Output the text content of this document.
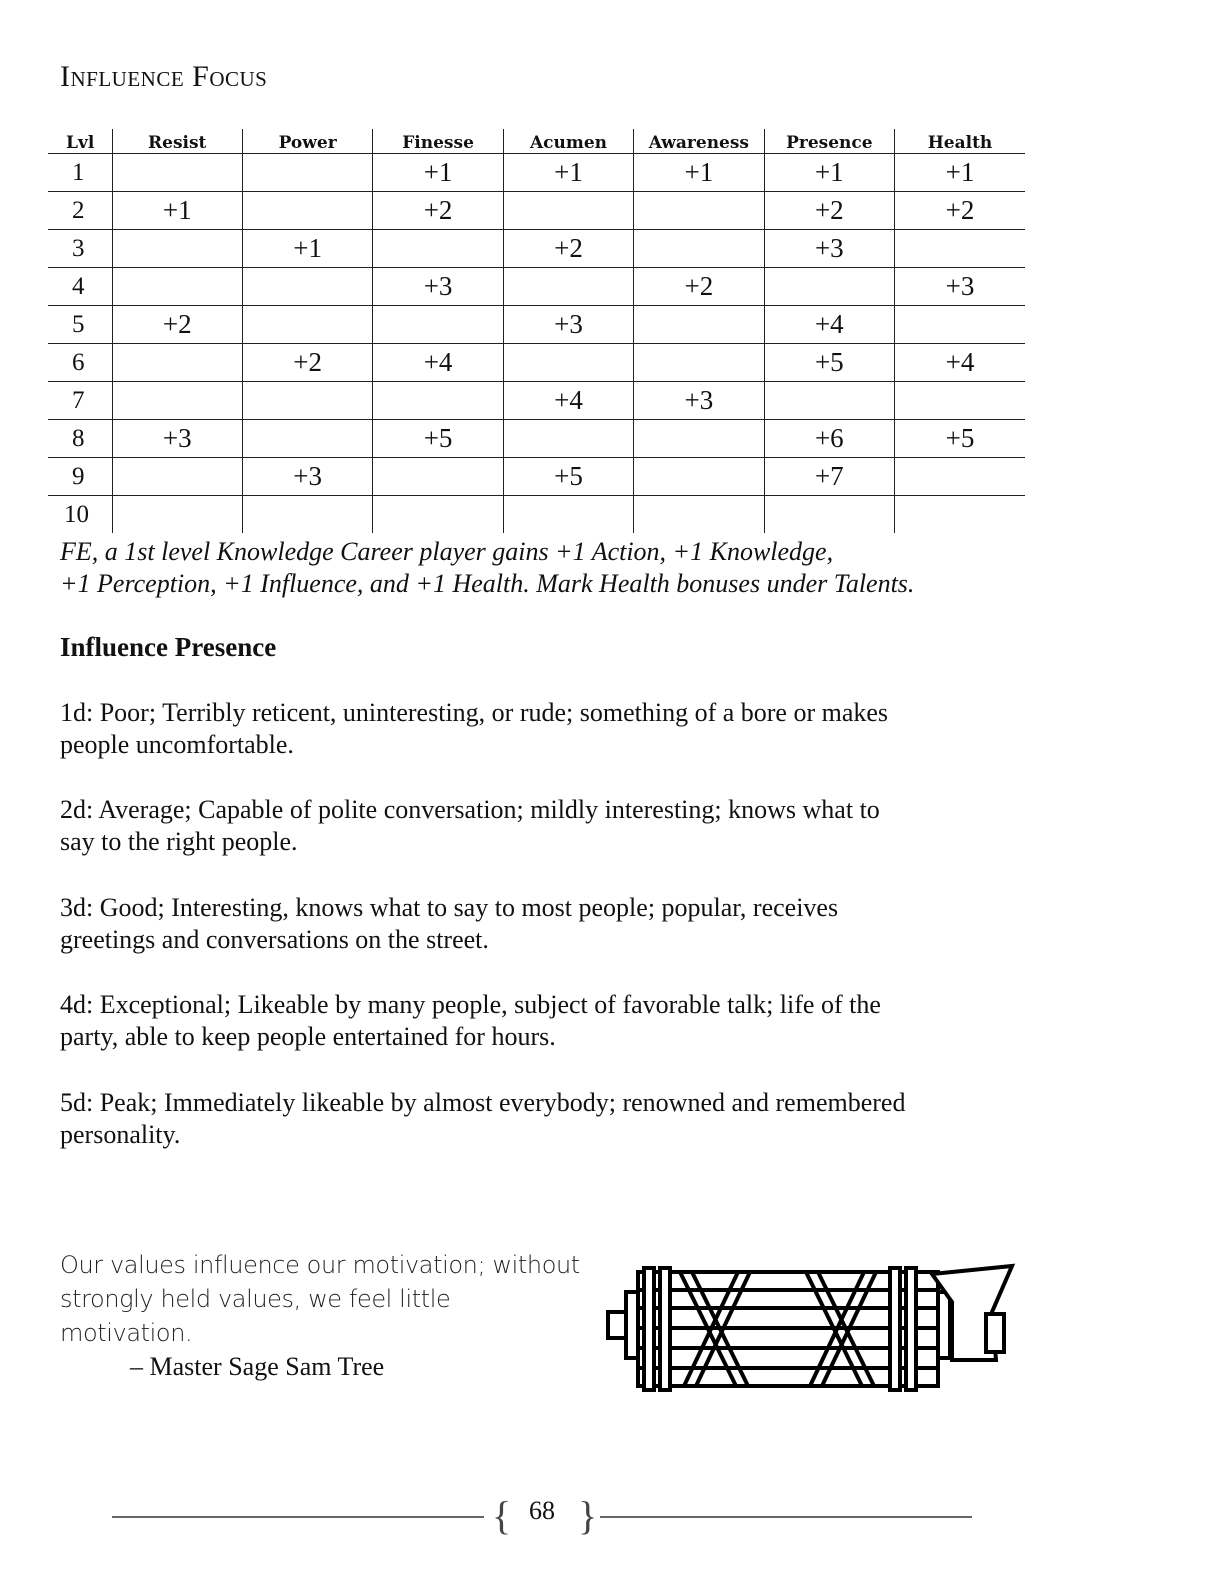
Influence Focus
Lvl	Resist	Power	Finesse	Acumen	Awareness	Presence	Health
1			+1	+1	+1	+1	+1
2	+1		+2			+2	+2
3		+1		+2		+3	
4			+3		+2		+3
5	+2			+3		+4	
6		+2	+4			+5	+4
7				+4	+3		
8	+3		+5			+6	+5
9		+3		+5		+7	
10							

FE, a 1st level Knowledge Career player gains +1 Action, +1 Knowledge,
+1 Perception, +1 Influence, and +1 Health. Mark Health bonuses under Talents.

Influence Presence

1d: Poor; Terribly reticent, uninteresting, or rude; something of a bore or makes
people uncomfortable.

2d: Average; Capable of polite conversation; mildly interesting; knows what to
say to the right people.

3d: Good; Interesting, knows what to say to most people; popular, receives
greetings and conversations on the street.

4d: Exceptional; Likeable by many people, subject of favorable talk; life of the
party, able to keep people entertained for hours.

5d: Peak; Immediately likeable by almost everybody; renowned and remembered
personality.

Our values influence our motivation; without
strongly held values, we feel little
motivation.

– Master Sage Sam Tree

{ }
68
